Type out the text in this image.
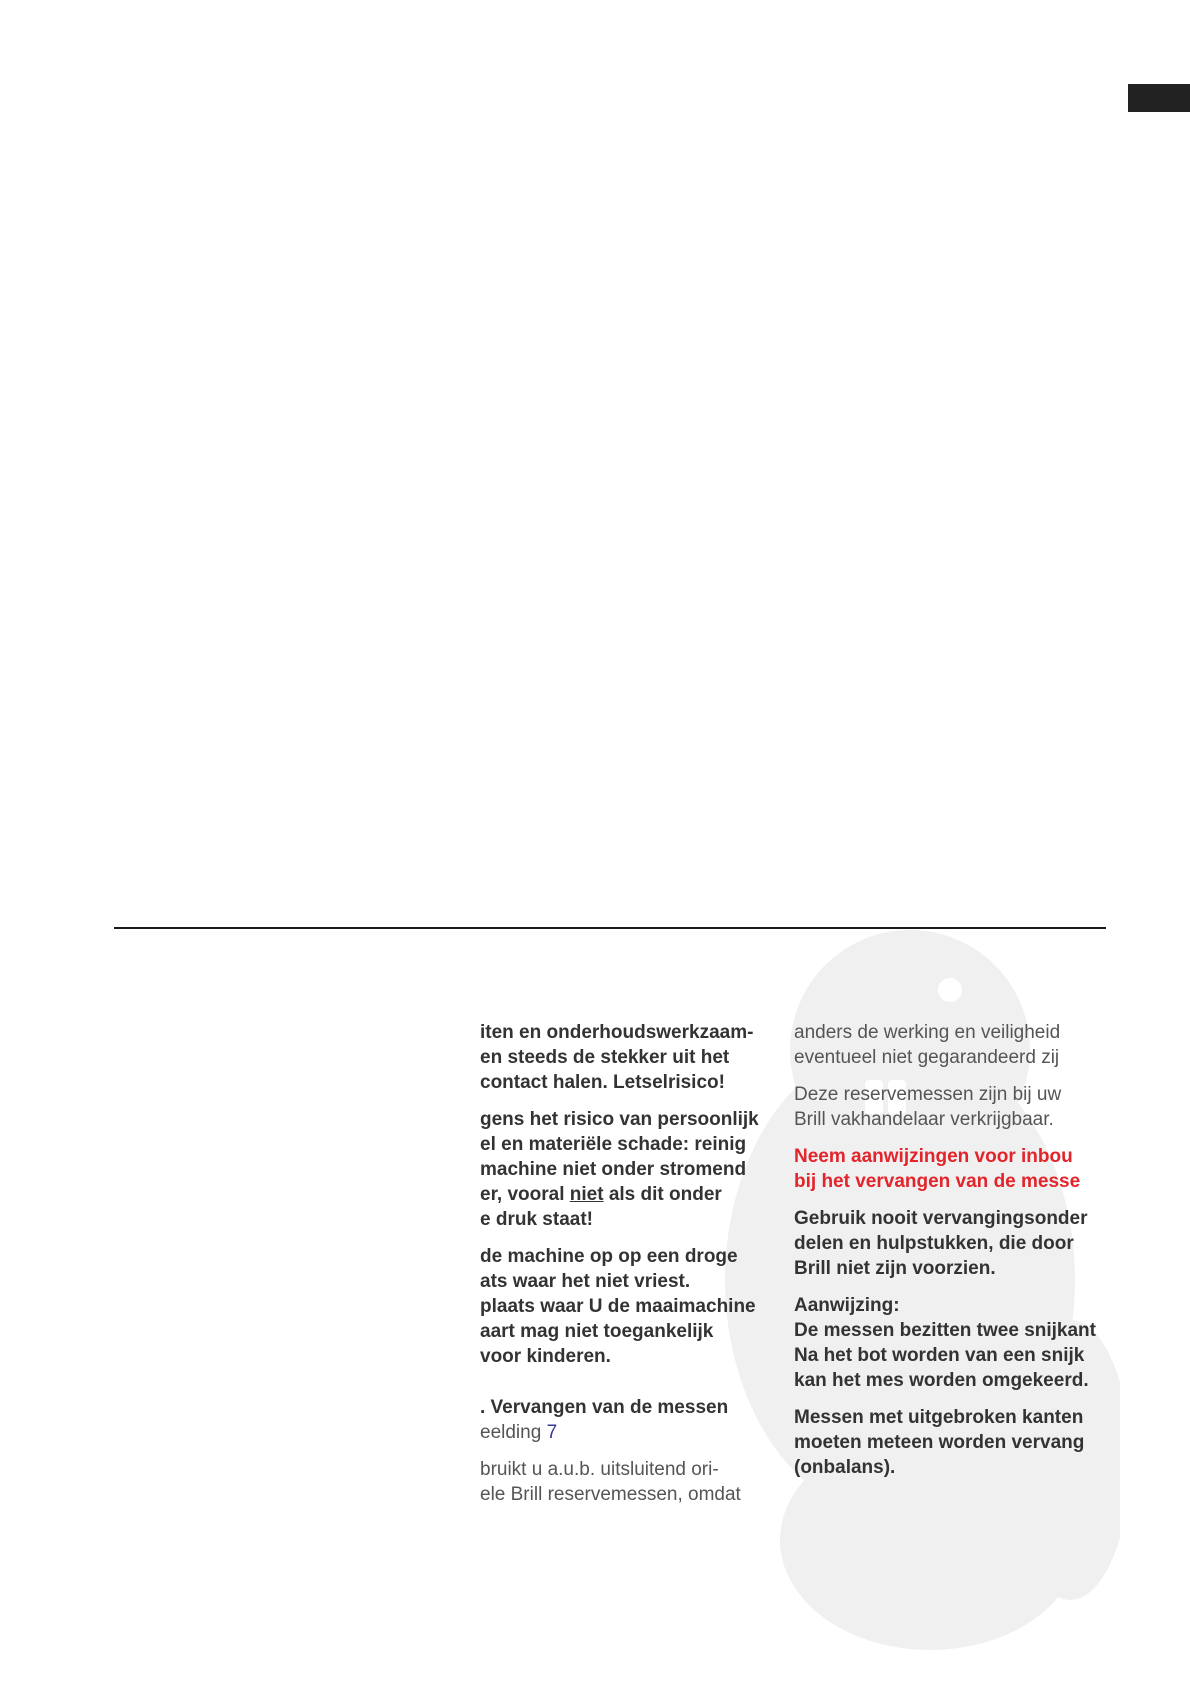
iten en onderhoudswerkzaam-
en steeds de stekker uit het
contact halen. Letselrisico!
gens het risico van persoonlijk
el en materiële schade: reinig
machine niet onder stromend
er, vooral niet als dit onder
e druk staat!
de machine op op een droge
ats waar het niet vriest.
plaats waar U de maaimachine
aart mag niet toegankelijk
voor kinderen.
. Vervangen van de messen
eelding 7
bruikt u a.u.b. uitsluitend ori-
ele Brill reservemessen, omdat
anders de werking en veiligheid
eventueel niet gegarandeerd zij
Deze reservemessen zijn bij uw
Brill vakhandelaar verkrijgbaar.
Neem aanwijzingen voor inbou
bij het vervangen van de messe
Gebruik nooit vervangingsonder
delen en hulpstukken, die door
Brill niet zijn voorzien.
Aanwijzing:
De messen bezitten twee snijkant
Na het bot worden van een snijk
kan het mes worden omgekeerd.
Messen met uitgebroken kanten
moeten meteen worden vervang
(onbalans).
